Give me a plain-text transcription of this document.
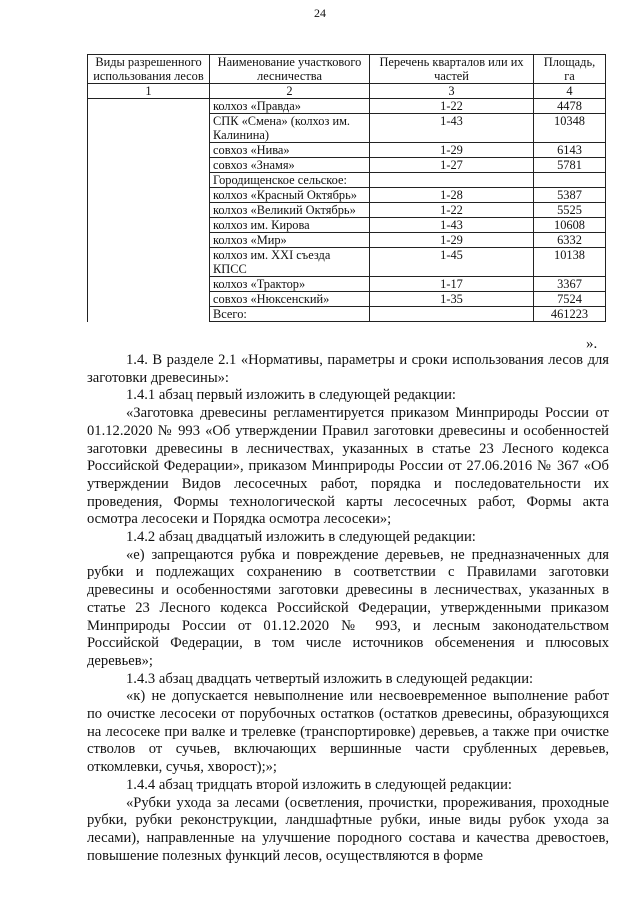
24
Виды разрешенного использования лесов	Наименование участкового лесничества	Перечень кварталов или их частей	Площадь, га
1	2	3	4
	колхоз «Правда»	1-22	4478
	СПК «Смена» (колхоз им. Калинина)	1-43	10348
	совхоз «Нива»	1-29	6143
	совхоз «Знамя»	1-27	5781
	Городищенское сельское:		
	колхоз «Красный Октябрь»	1-28	5387
	колхоз «Великий Октябрь»	1-22	5525
	колхоз им. Кирова	1-43	10608
	колхоз «Мир»	1-29	6332
	колхоз им. XXI съезда КПСС	1-45	10138
	колхоз «Трактор»	1-17	3367
	совхоз «Нюксенский»	1-35	7524
	Всего:		461223
».

1.4. В разделе 2.1 «Нормативы, параметры и сроки использования лесов для заготовки древесины»:

1.4.1 абзац первый изложить в следующей редакции:

«Заготовка древесины регламентируется приказом Минприроды России от 01.12.2020 № 993 «Об утверждении Правил заготовки древесины и особенностей заготовки древесины в лесничествах, указанных в статье 23 Лесного кодекса Российской Федерации», приказом Минприроды России от 27.06.2016 № 367 «Об утверждении Видов лесосечных работ, порядка и последовательности их проведения, Формы технологической карты лесосечных работ, Формы акта осмотра лесосеки и Порядка осмотра лесосеки»;

1.4.2 абзац двадцатый изложить в следующей редакции:

«е) запрещаются рубка и повреждение деревьев, не предназначенных для рубки и подлежащих сохранению в соответствии с Правилами заготовки древесины и особенностями заготовки древесины в лесничествах, указанных в статье 23 Лесного кодекса Российской Федерации, утвержденными приказом Минприроды России от 01.12.2020 № 993, и лесным законодательством Российской Федерации, в том числе источников обсеменения и плюсовых деревьев»;

1.4.3 абзац двадцать четвертый изложить в следующей редакции:

«к) не допускается невыполнение или несвоевременное выполнение работ по очистке лесосеки от порубочных остатков (остатков древесины, образующихся на лесосеке при валке и трелевке (транспортировке) деревьев, а также при очистке стволов от сучьев, включающих вершинные части срубленных деревьев, откомлевки, сучья, хворост);»;

1.4.4 абзац тридцать второй изложить в следующей редакции:

«Рубки ухода за лесами (осветления, прочистки, прореживания, проходные рубки, рубки реконструкции, ландшафтные рубки, иные виды рубок ухода за лесами), направленные на улучшение породного состава и качества древостоев, повышение полезных функций лесов, осуществляются в форме
